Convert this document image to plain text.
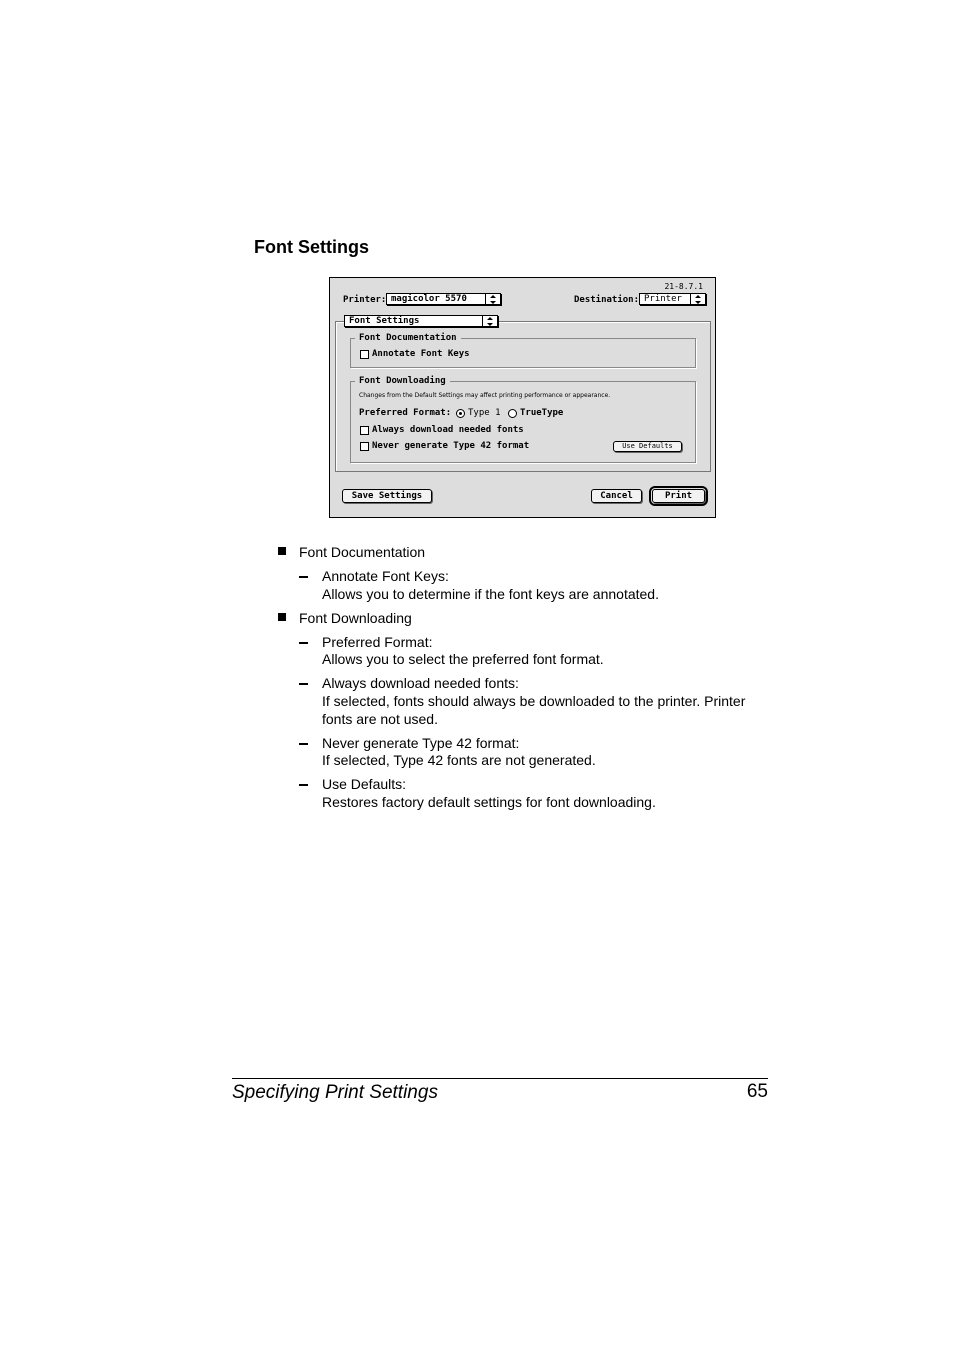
Font Settings
21-8.7.1
Printer: magicolor 5570	Destination: Printer
Font Settings
Font Documentation
Annotate Font Keys
Font Downloading
Changes from the Default Settings may affect printing performance or appearance.
Preferred Format: Type 1 TrueType
Always download needed fonts
Never generate Type 42 format	Use Defaults
Save Settings	Cancel	Print
Font Documentation
Annotate Font Keys:
Allows you to determine if the font keys are annotated.
Font Downloading
Preferred Format:
Allows you to select the preferred font format.
Always download needed fonts:
If selected, fonts should always be downloaded to the printer. Printer
fonts are not used.
Never generate Type 42 format:
If selected, Type 42 fonts are not generated.
Use Defaults:
Restores factory default settings for font downloading.
Specifying Print Settings	65
